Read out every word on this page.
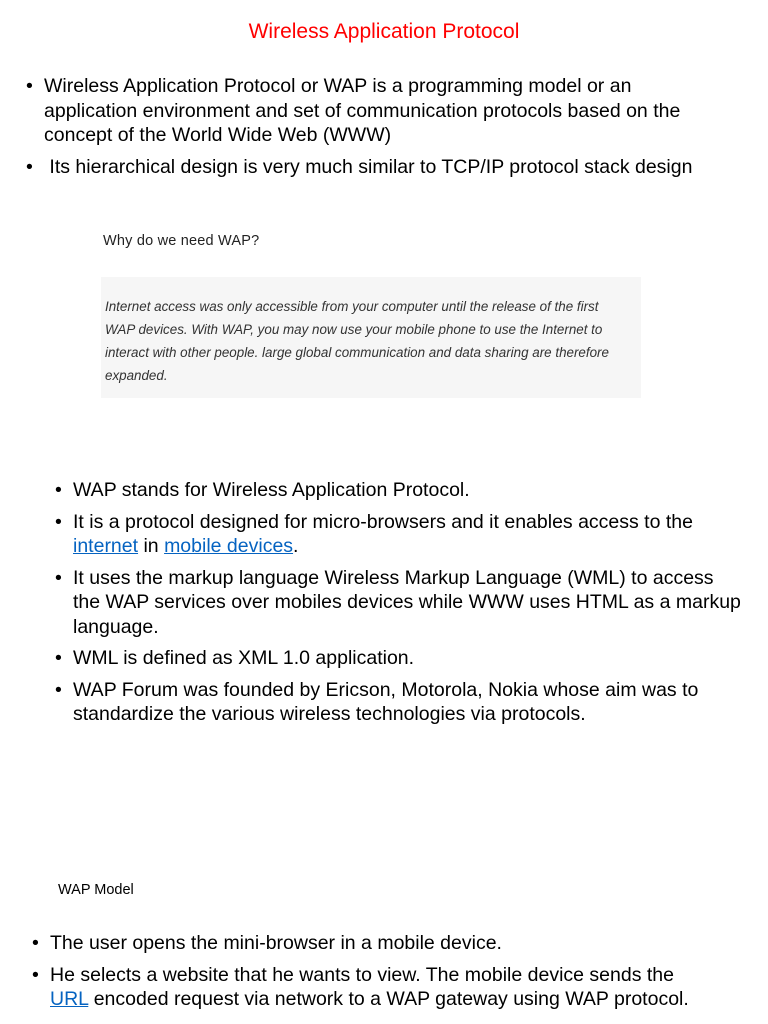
Wireless Application Protocol
• Wireless Application Protocol or WAP is a programming model or an application environment and set of communication protocols based on the concept of the World Wide Web (WWW)
• Its hierarchical design is very much similar to TCP/IP protocol stack design
Why do we need WAP?
Internet access was only accessible from your computer until the release of the first WAP devices. With WAP, you may now use your mobile phone to use the Internet to interact with other people. large global communication and data sharing are therefore expanded.
• WAP stands for Wireless Application Protocol.
• It is a protocol designed for micro-browsers and it enables access to the internet in mobile devices.
• It uses the markup language Wireless Markup Language (WML) to access the WAP services over mobiles devices while WWW uses HTML as a markup language.
• WML is defined as XML 1.0 application.
• WAP Forum was founded by Ericson, Motorola, Nokia whose aim was to standardize the various wireless technologies via protocols.
WAP Model
• The user opens the mini-browser in a mobile device.
• He selects a website that he wants to view. The mobile device sends the URL encoded request via network to a WAP gateway using WAP protocol.
